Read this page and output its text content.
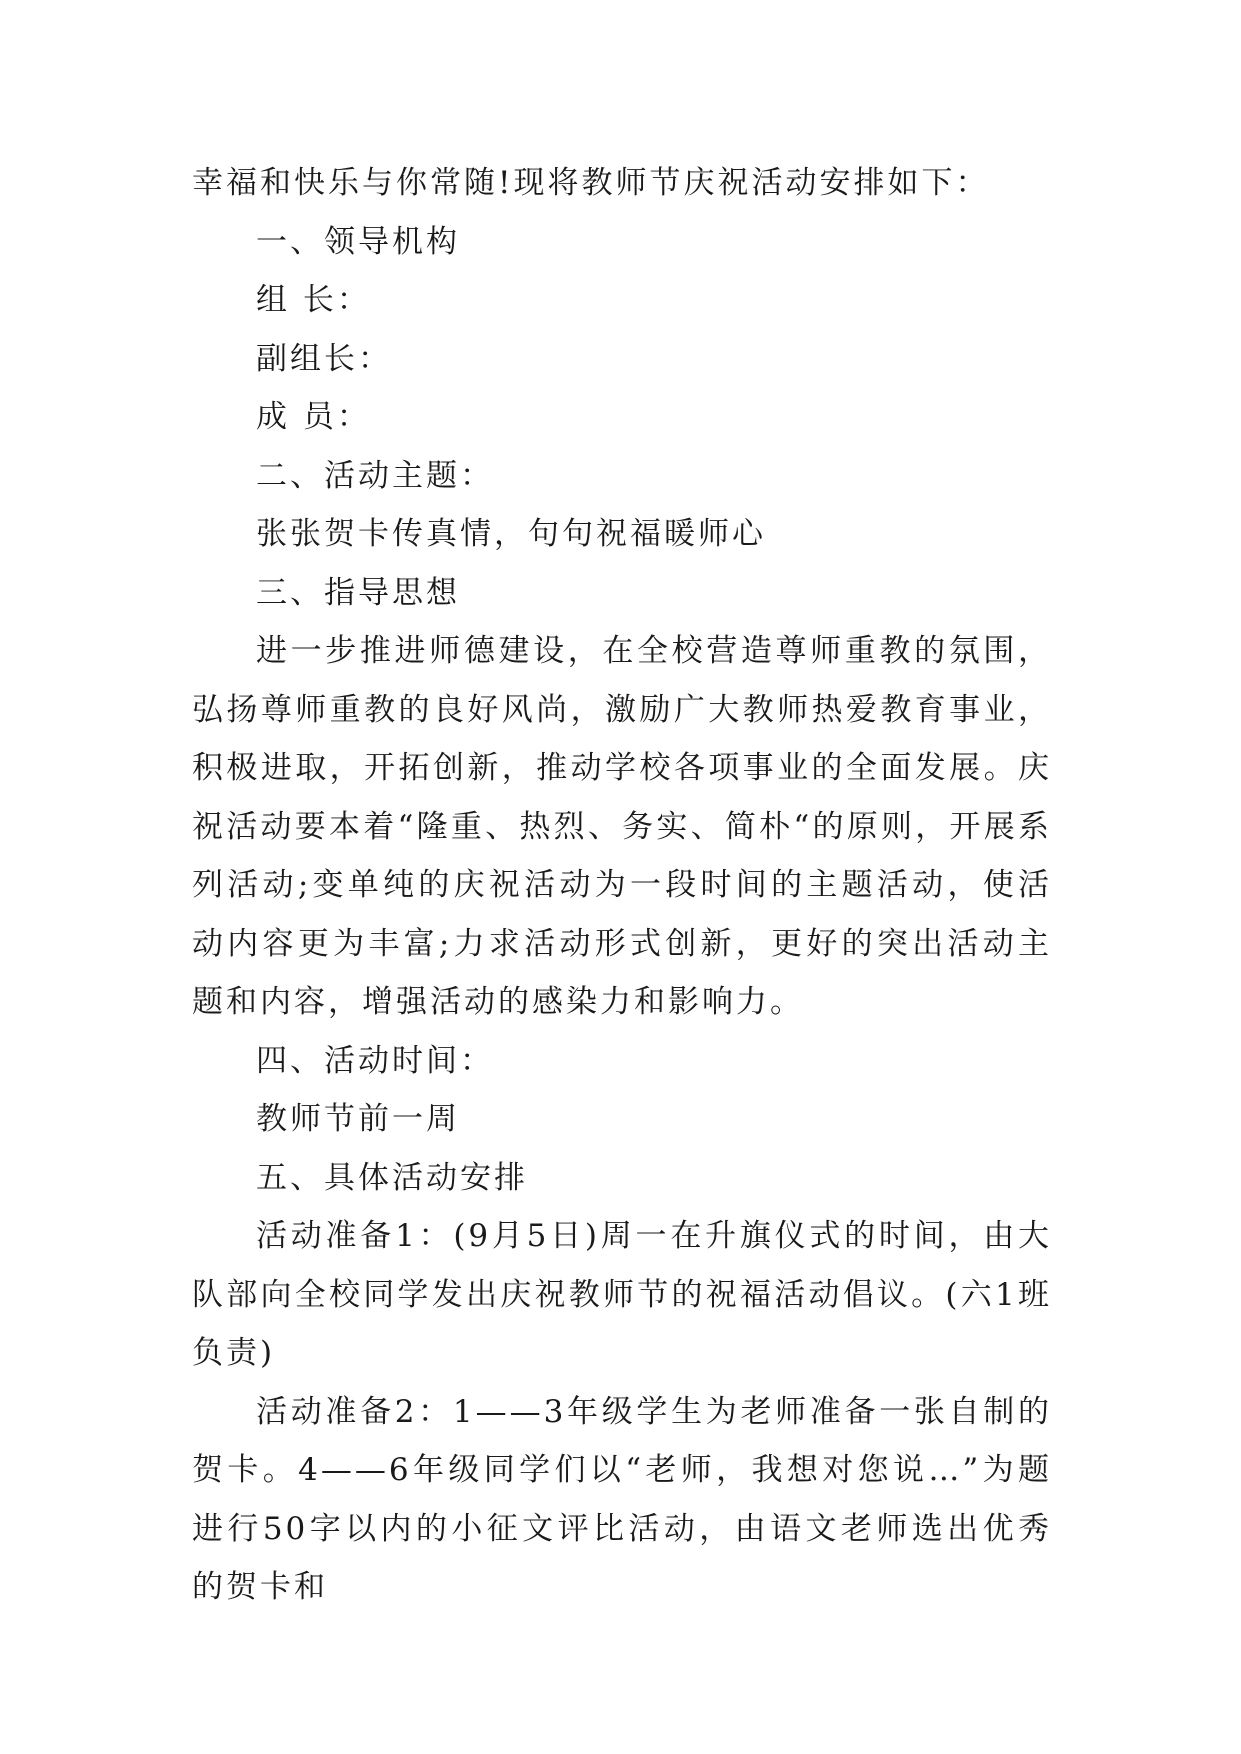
幸福和快乐与你常随!现将教师节庆祝活动安排如下：
一、领导机构
组 长：
副组长：
成 员：
二、活动主题：
张张贺卡传真情，句句祝福暖师心
三、指导思想
进一步推进师德建设，在全校营造尊师重教的氛围，弘扬尊师重教的良好风尚，激励广大教师热爱教育事业，积极进取，开拓创新，推动学校各项事业的全面发展。庆祝活动要本着“隆重、热烈、务实、简朴“的原则，开展系列活动;变单纯的庆祝活动为一段时间的主题活动，使活动内容更为丰富;力求活动形式创新，更好的突出活动主题和内容，增强活动的感染力和影响力。
四、活动时间：
教师节前一周
五、具体活动安排
活动准备1：(9月5日)周一在升旗仪式的时间，由大队部向全校同学发出庆祝教师节的祝福活动倡议。(六1班负责)
活动准备2：1——3年级学生为老师准备一张自制的贺卡。4——6年级同学们以“老师，我想对您说…”为题进行50字以内的小征文评比活动，由语文老师选出优秀的贺卡和
